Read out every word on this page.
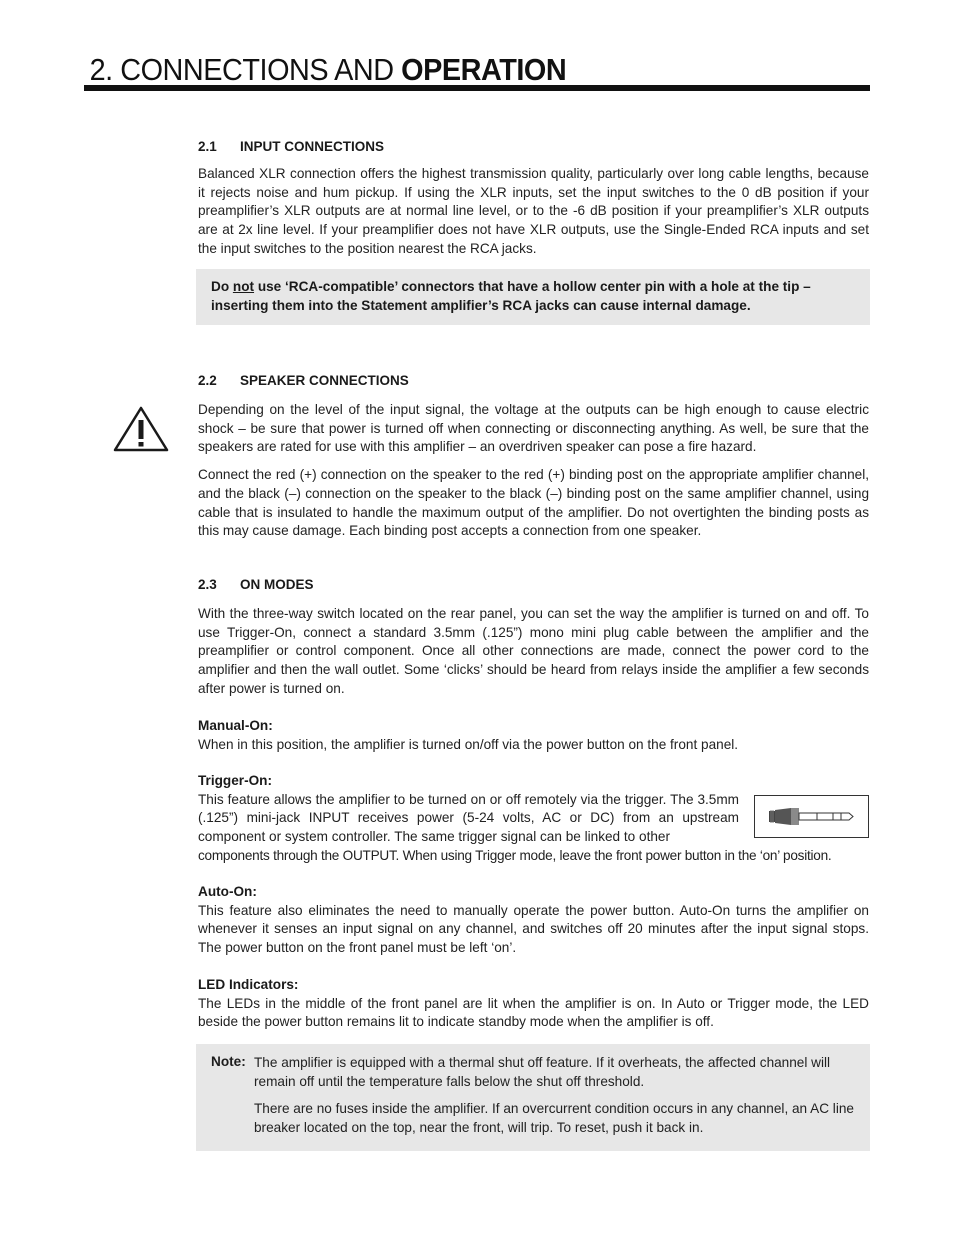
2. CONNECTIONS AND OPERATION
2.1 INPUT CONNECTIONS

Balanced XLR connection offers the highest transmission quality, particularly over long cable lengths, because it rejects noise and hum pickup. If using the XLR inputs, set the input switches to the 0 dB position if your preamplifier’s XLR outputs are at normal line level, or to the -6 dB position if your preamplifier’s XLR outputs are at 2x line level. If your preamplifier does not have XLR outputs, use the Single-Ended RCA inputs and set the input switches to the position nearest the RCA jacks.

Do not use ‘RCA-compatible’ connectors that have a hollow center pin with a hole at the tip – inserting them into the Statement amplifier’s RCA jacks can cause internal damage.

2.2 SPEAKER CONNECTIONS

Depending on the level of the input signal, the voltage at the outputs can be high enough to cause electric shock – be sure that power is turned off when connecting or disconnecting anything. As well, be sure that the speakers are rated for use with this amplifier – an overdriven speaker can pose a fire hazard.

Connect the red (+) connection on the speaker to the red (+) binding post on the appropriate amplifier channel, and the black (–) connection on the speaker to the black (–) binding post on the same amplifier channel, using cable that is insulated to handle the maximum output of the amplifier. Do not overtighten the binding posts as this may cause damage. Each binding post accepts a connection from one speaker.

2.3 ON MODES

With the three-way switch located on the rear panel, you can set the way the amplifier is turned on and off. To use Trigger-On, connect a standard 3.5mm (.125”) mono mini plug cable between the amplifier and the preamplifier or control component. Once all other connections are made, connect the power cord to the amplifier and then the wall outlet. Some ‘clicks’ should be heard from relays inside the amplifier a few seconds after power is turned on.

Manual-On:

When in this position, the amplifier is turned on/off via the power button on the front panel.

Trigger-On:

This feature allows the amplifier to be turned on or off remotely via the trigger. The 3.5mm (.125”) mini-jack INPUT receives power (5-24 volts, AC or DC) from an upstream component or system controller. The same trigger signal can be linked to other

components through the OUTPUT. When using Trigger mode, leave the front power button in the ‘on’ position.

Auto-On:

This feature also eliminates the need to manually operate the power button. Auto-On turns the amplifier on whenever it senses an input signal on any channel, and switches off 20 minutes after the input signal stops. The power button on the front panel must be left ‘on’.

LED Indicators:

The LEDs in the middle of the front panel are lit when the amplifier is on. In Auto or Trigger mode, the LED beside the power button remains lit to indicate standby mode when the amplifier is off.

Note: The amplifier is equipped with a thermal shut off feature. If it overheats, the affected channel will remain off until the temperature falls below the shut off threshold.
There are no fuses inside the amplifier. If an overcurrent condition occurs in any channel, an AC line breaker located on the top, near the front, will trip. To reset, push it back in.
